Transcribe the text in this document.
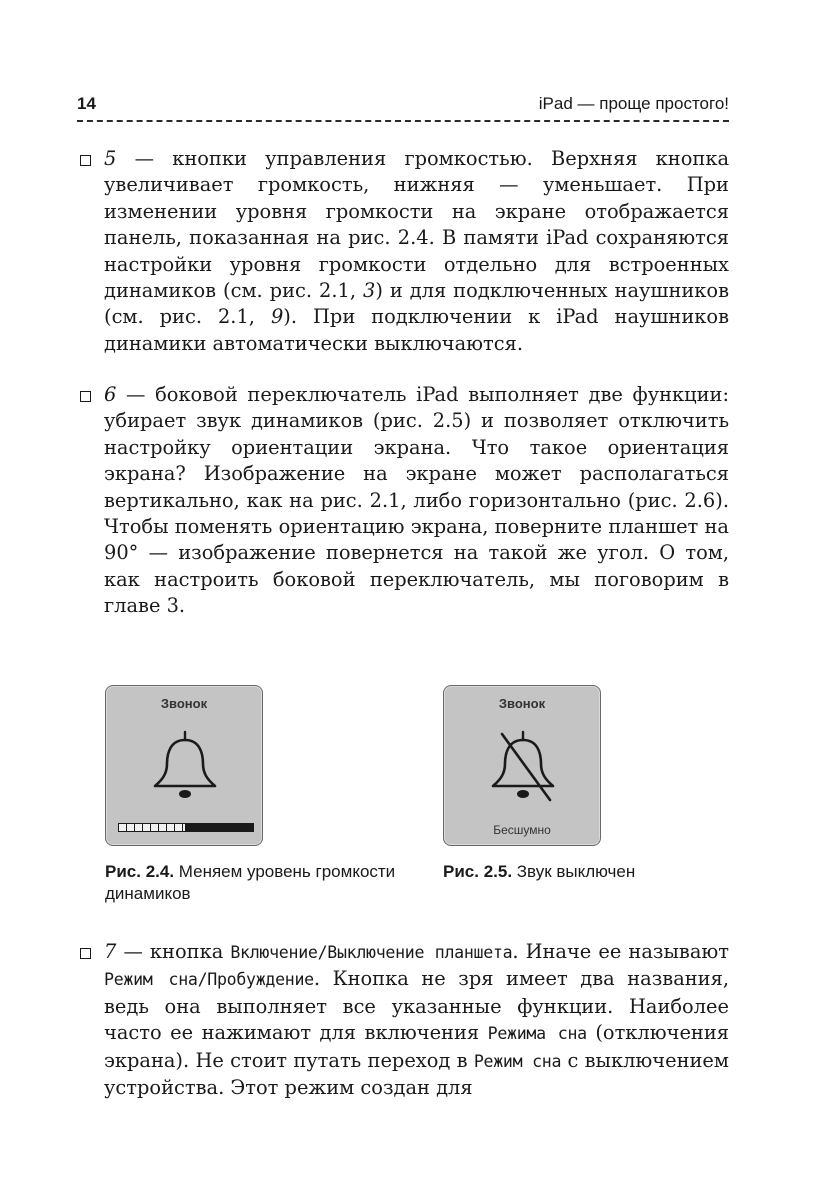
14	iPad — проще простого!
5 — кнопки управления громкостью. Верхняя кнопка увеличивает громкость, нижняя — уменьшает. При изменении уровня громкости на экране отображается панель, показанная на рис. 2.4. В памяти iPad сохраняются настройки уровня громкости отдельно для встроенных динамиков (см. рис. 2.1, 3) и для подключенных наушников (см. рис. 2.1, 9). При подключении к iPad наушников динамики автоматически выключаются.
6 — боковой переключатель iPad выполняет две функции: убирает звук динамиков (рис. 2.5) и позволяет отключить настройку ориентации экрана. Что такое ориентация экрана? Изображение на экране может располагаться вертикально, как на рис. 2.1, либо горизонтально (рис. 2.6). Чтобы поменять ориентацию экрана, поверните планшет на 90° — изображение повернется на такой же угол. О том, как настроить боковой переключатель, мы поговорим в главе 3.
Звонок	Звонок
Бесшумно
Рис. 2.4. Меняем уровень громкости динамиков
Рис. 2.5. Звук выключен
7 — кнопка Включение/Выключение планшета. Иначе ее называют Режим сна/Пробуждение. Кнопка не зря имеет два названия, ведь она выполняет все указанные функции. Наиболее часто ее нажимают для включения Режима сна (отключения экрана). Не стоит путать переход в Режим сна с выключением устройства. Этот режим создан для
